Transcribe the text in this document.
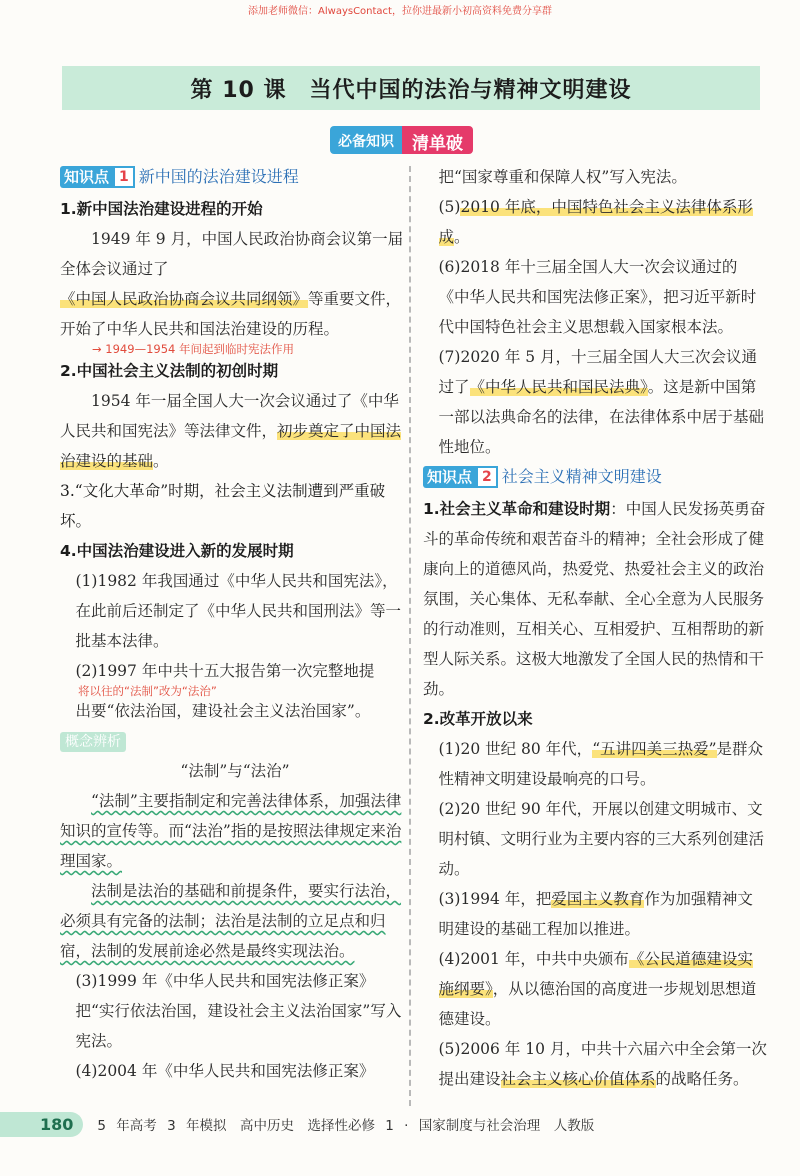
添加老师微信：AlwaysContact，拉你进最新小初高资料免费分享群
第 10 课　当代中国的法治与精神文明建设
必备知识	清单破
知识点 1 新中国的法治建设进程
1.新中国法治建设进程的开始
1949 年 9 月，中国人民政治协商会议第一届全体会议通过了《中国人民政治协商会议共同纲领》等重要文件，开始了中华人民共和国法治建设的历程。
→ 1949—1954 年间起到临时宪法作用
2.中国社会主义法制的初创时期
1954 年一届全国人大一次会议通过了《中华人民共和国宪法》等法律文件，初步奠定了中国法治建设的基础。
3.“文化大革命”时期，社会主义法制遭到严重破坏。
4.中国法治建设进入新的发展时期
(1)1982 年我国通过《中华人民共和国宪法》，在此前后还制定了《中华人民共和国刑法》等一批基本法律。
(2)1997 年中共十五大报告第一次完整地提
将以往的“法制”改为“法治”
出要“依法治国，建设社会主义法治国家”。
概念辨析
“法制”与“法治”
“法制”主要指制定和完善法律体系，加强法律知识的宣传等。而“法治”指的是按照法律规定来治理国家。
法制是法治的基础和前提条件，要实行法治，必须具有完备的法制；法治是法制的立足点和归宿，法制的发展前途必然是最终实现法治。
(3)1999 年《中华人民共和国宪法修正案》把“实行依法治国，建设社会主义法治国家”写入宪法。
(4)2004 年《中华人民共和国宪法修正案》
把“国家尊重和保障人权”写入宪法。
(5)2010 年底，中国特色社会主义法律体系形成。
(6)2018 年十三届全国人大一次会议通过的《中华人民共和国宪法修正案》，把习近平新时代中国特色社会主义思想载入国家根本法。
(7)2020 年 5 月，十三届全国人大三次会议通过了《中华人民共和国民法典》。这是新中国第一部以法典命名的法律，在法律体系中居于基础性地位。
知识点 2 社会主义精神文明建设
1.社会主义革命和建设时期：中国人民发扬英勇奋斗的革命传统和艰苦奋斗的精神；全社会形成了健康向上的道德风尚，热爱党、热爱社会主义的政治氛围，关心集体、无私奉献、全心全意为人民服务的行动准则，互相关心、互相爱护、互相帮助的新型人际关系。这极大地激发了全国人民的热情和干劲。
2.改革开放以来
(1)20 世纪 80 年代，“五讲四美三热爱”是群众性精神文明建设最响亮的口号。
(2)20 世纪 90 年代，开展以创建文明城市、文明村镇、文明行业为主要内容的三大系列创建活动。
(3)1994 年，把爱国主义教育作为加强精神文明建设的基础工程加以推进。
(4)2001 年，中共中央颁布《公民道德建设实施纲要》，从以德治国的高度进一步规划思想道德建设。
(5)2006 年 10 月，中共十六届六中全会第一次提出建设社会主义核心价值体系的战略任务。
180	5 年高考 3 年模拟　高中历史　选择性必修 1 · 国家制度与社会治理　人教版
